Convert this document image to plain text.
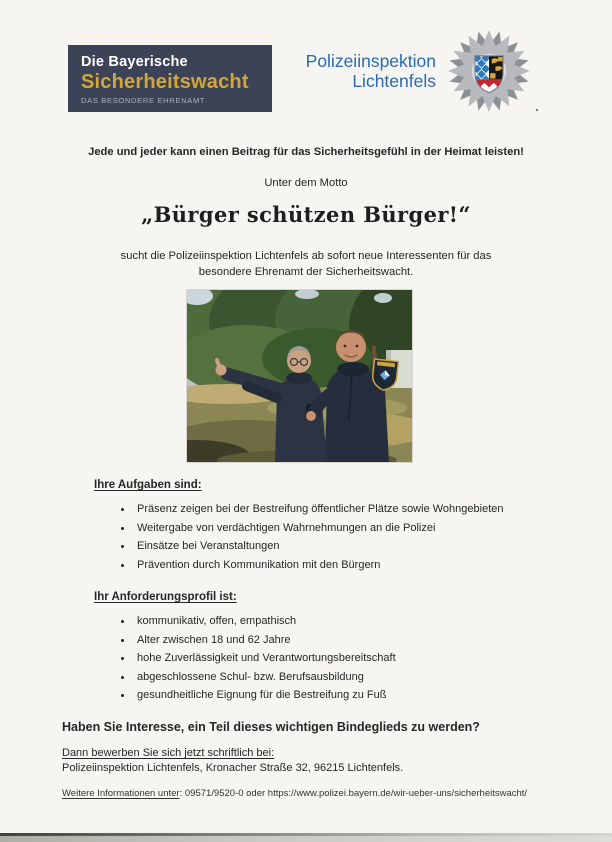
Die Bayerische
Sicherheitswacht
DAS BESONDERE EHRENAMT
Polizeiinspektion
Lichtenfels
Jede und jeder kann einen Beitrag für das Sicherheitsgefühl in der Heimat leisten!
Unter dem Motto
„Bürger schützen Bürger!“
sucht die Polizeiinspektion Lichtenfels ab sofort neue Interessenten für das
besondere Ehrenamt der Sicherheitswacht.
Ihre Aufgaben sind:
• Präsenz zeigen bei der Bestreifung öffentlicher Plätze sowie Wohngebieten
• Weitergabe von verdächtigen Wahrnehmungen an die Polizei
• Einsätze bei Veranstaltungen
• Prävention durch Kommunikation mit den Bürgern
Ihr Anforderungsprofil ist:
• kommunikativ, offen, empathisch
• Alter zwischen 18 und 62 Jahre
• hohe Zuverlässigkeit und Verantwortungsbereitschaft
• abgeschlossene Schul- bzw. Berufsausbildung
• gesundheitliche Eignung für die Bestreifung zu Fuß
Haben Sie Interesse, ein Teil dieses wichtigen Bindeglieds zu werden?
Dann bewerben Sie sich jetzt schriftlich bei:
Polizeiinspektion Lichtenfels, Kronacher Straße 32, 96215 Lichtenfels.
Weitere Informationen unter: 09571/9520-0 oder https://www.polizei.bayern.de/wir-ueber-uns/sicherheitswacht/
